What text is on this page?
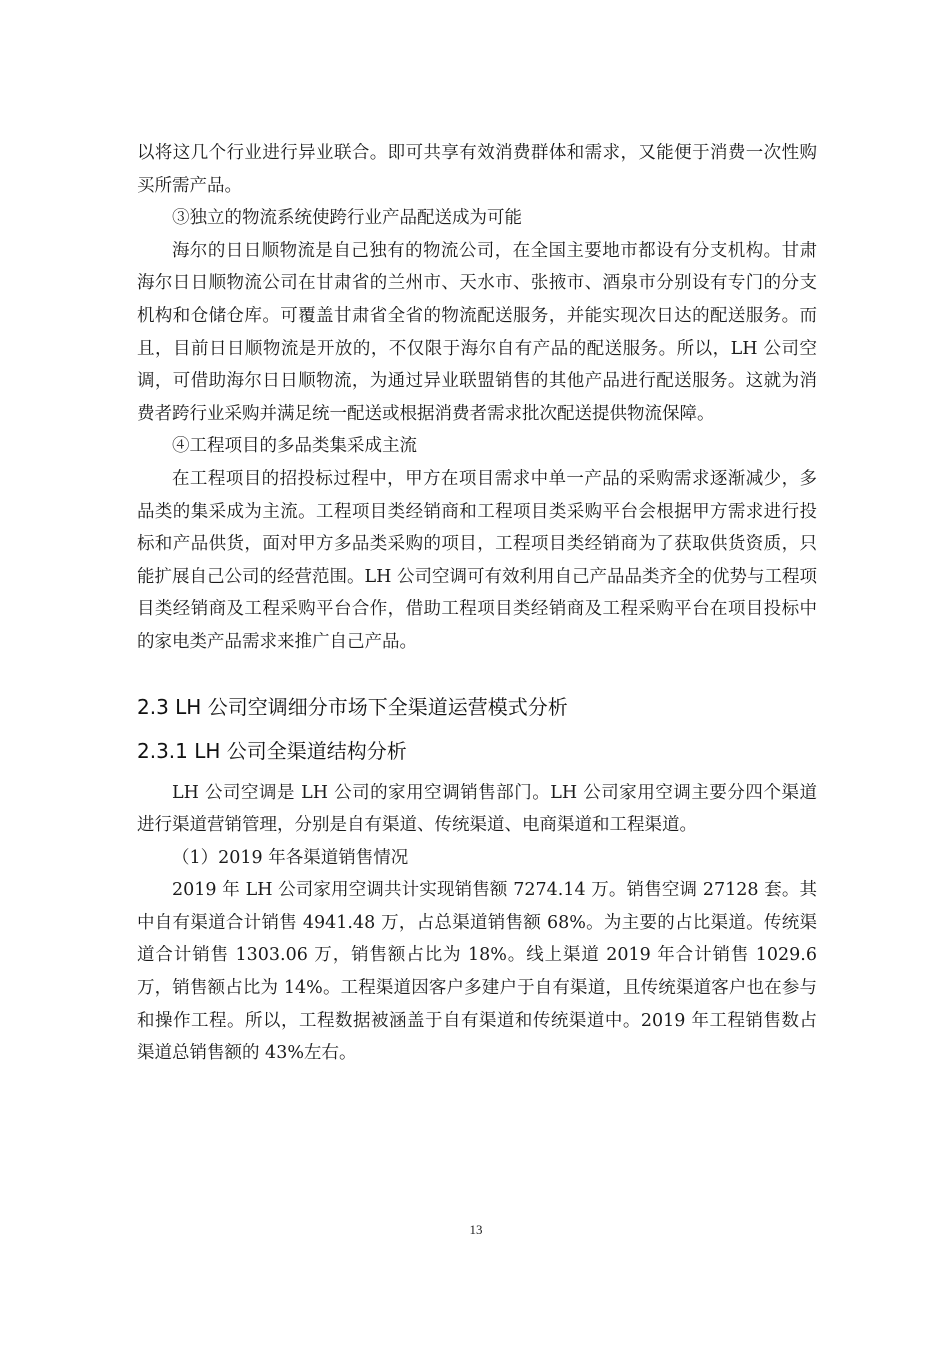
以将这几个行业进行异业联合。即可共享有效消费群体和需求，又能便于消费一次性购买所需产品。

③独立的物流系统使跨行业产品配送成为可能

海尔的日日顺物流是自己独有的物流公司，在全国主要地市都设有分支机构。甘肃海尔日日顺物流公司在甘肃省的兰州市、天水市、张掖市、酒泉市分别设有专门的分支机构和仓储仓库。可覆盖甘肃省全省的物流配送服务，并能实现次日达的配送服务。而且，目前日日顺物流是开放的，不仅限于海尔自有产品的配送服务。所以，LH 公司空调，可借助海尔日日顺物流，为通过异业联盟销售的其他产品进行配送服务。这就为消费者跨行业采购并满足统一配送或根据消费者需求批次配送提供物流保障。

④工程项目的多品类集采成主流

在工程项目的招投标过程中，甲方在项目需求中单一产品的采购需求逐渐减少，多品类的集采成为主流。工程项目类经销商和工程项目类采购平台会根据甲方需求进行投标和产品供货，面对甲方多品类采购的项目，工程项目类经销商为了获取供货资质，只能扩展自己公司的经营范围。LH 公司空调可有效利用自己产品品类齐全的优势与工程项目类经销商及工程采购平台合作，借助工程项目类经销商及工程采购平台在项目投标中的家电类产品需求来推广自己产品。

2.3 LH 公司空调细分市场下全渠道运营模式分析
2.3.1 LH 公司全渠道结构分析

LH 公司空调是 LH 公司的家用空调销售部门。LH 公司家用空调主要分四个渠道进行渠道营销管理，分别是自有渠道、传统渠道、电商渠道和工程渠道。

（1）2019 年各渠道销售情况

2019 年 LH 公司家用空调共计实现销售额 7274.14 万。销售空调 27128 套。其中自有渠道合计销售 4941.48 万，占总渠道销售额 68%。为主要的占比渠道。传统渠道合计销售 1303.06 万，销售额占比为 18%。线上渠道 2019 年合计销售 1029.6万，销售额占比为 14%。工程渠道因客户多建户于自有渠道，且传统渠道客户也在参与和操作工程。所以，工程数据被涵盖于自有渠道和传统渠道中。2019 年工程销售数占渠道总销售额的 43%左右。

13
